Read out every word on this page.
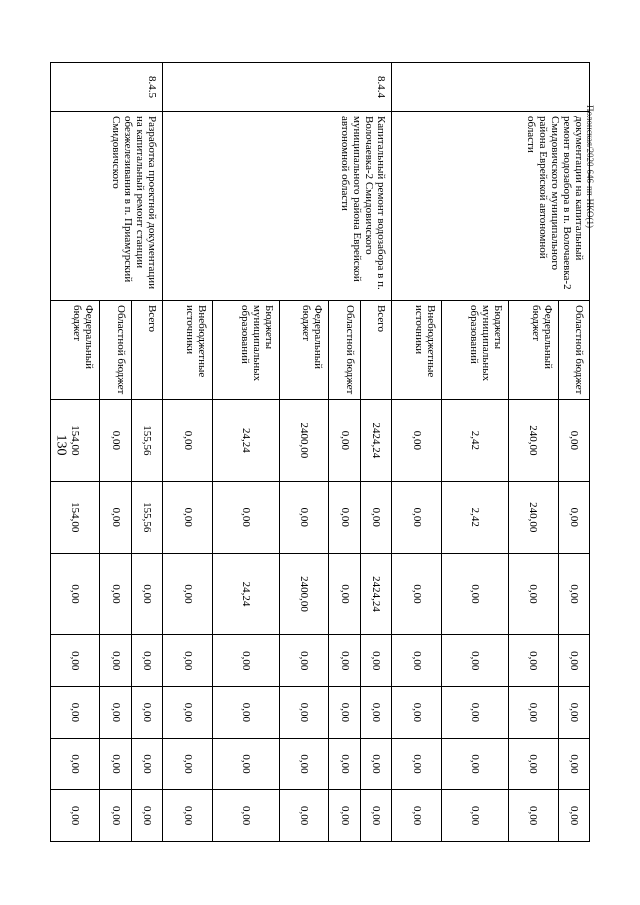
130
Полонская/2020-646-пп-НКО(1)
	документации на капитальный ремонт водозабора в п. Волочаевка-2 Смидовичского муниципального района Еврейской автономной области	Областной бюджет	0,00	0,00	0,00	0,00	0,00	0,00	0,00
		Федеральный бюджет	240,00	240,00	0,00	0,00	0,00	0,00	0,00
		Бюджеты муниципальных образований	2,42	2,42	0,00	0,00	0,00	0,00	0,00
		Внебюджетные источники	0,00	0,00	0,00	0,00	0,00	0,00	0,00
8.4.4	Капитальный ремонт водозабора в п. Волочаевка-2 Смидовичского муниципального района Еврейской автономной области	Всего	2424,24	0,00	2424,24	0,00	0,00	0,00	0,00
		Областной бюджет	0,00	0,00	0,00	0,00	0,00	0,00	0,00
		Федеральный бюджет	2400,00	0,00	2400,00	0,00	0,00	0,00	0,00
		Бюджеты муниципальных образований	24,24	0,00	24,24	0,00	0,00	0,00	0,00
		Внебюджетные источники	0,00	0,00	0,00	0,00	0,00	0,00	0,00
8.4.5	Разработка проектной документации на капитальный ремонт станции обезжелезивания в п. Приамурский Смидовичского	Всего	155,56	155,56	0,00	0,00	0,00	0,00	0,00
		Областной бюджет	0,00	0,00	0,00	0,00	0,00	0,00	0,00
		Федеральный бюджет	154,00	154,00	0,00	0,00	0,00	0,00	0,00
